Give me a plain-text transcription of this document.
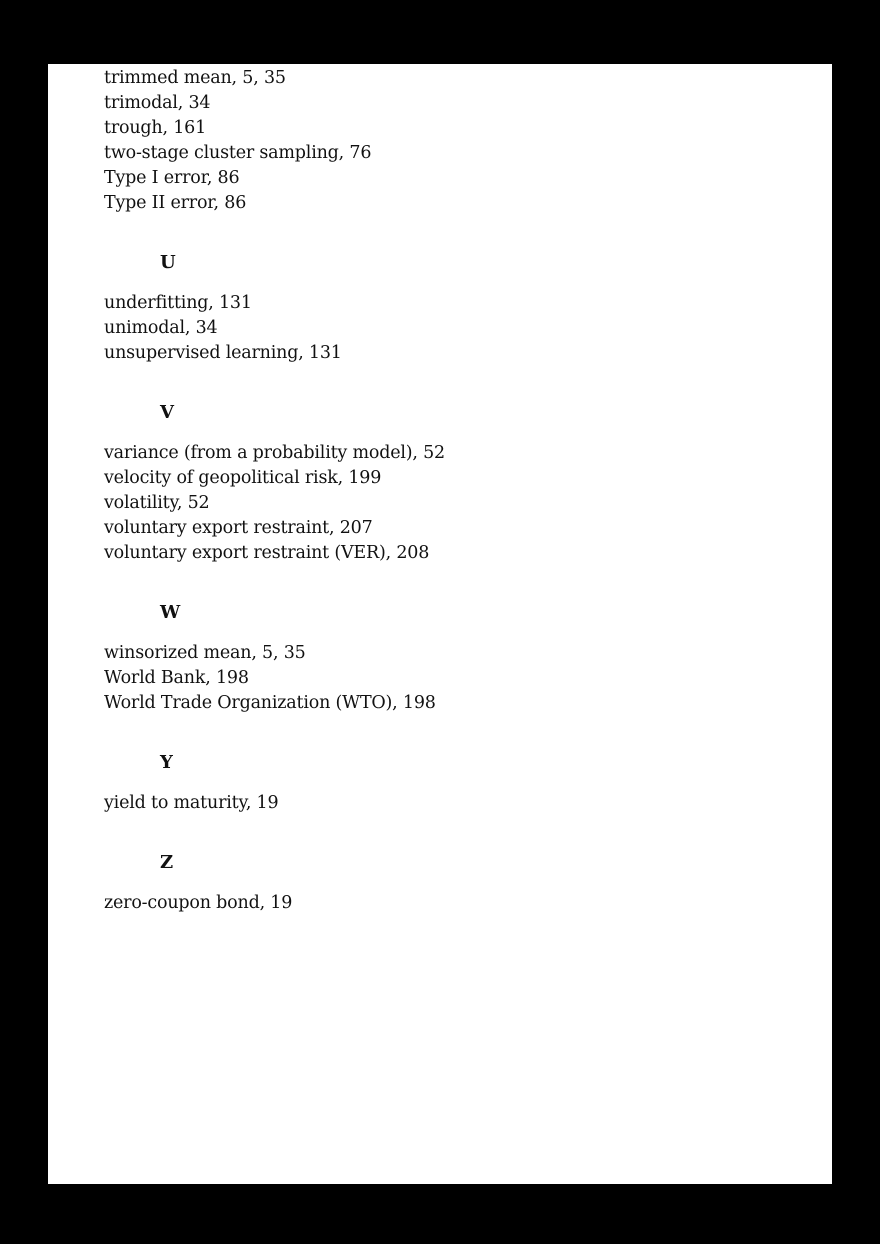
trimmed mean, 5, 35
trimodal, 34
trough, 161
two-stage cluster sampling, 76
Type I error, 86
Type II error, 86
U
underfitting, 131
unimodal, 34
unsupervised learning, 131
V
variance (from a probability model), 52
velocity of geopolitical risk, 199
volatility, 52
voluntary export restraint, 207
voluntary export restraint (VER), 208
W
winsorized mean, 5, 35
World Bank, 198
World Trade Organization (WTO), 198
Y
yield to maturity, 19
Z
zero-coupon bond, 19
